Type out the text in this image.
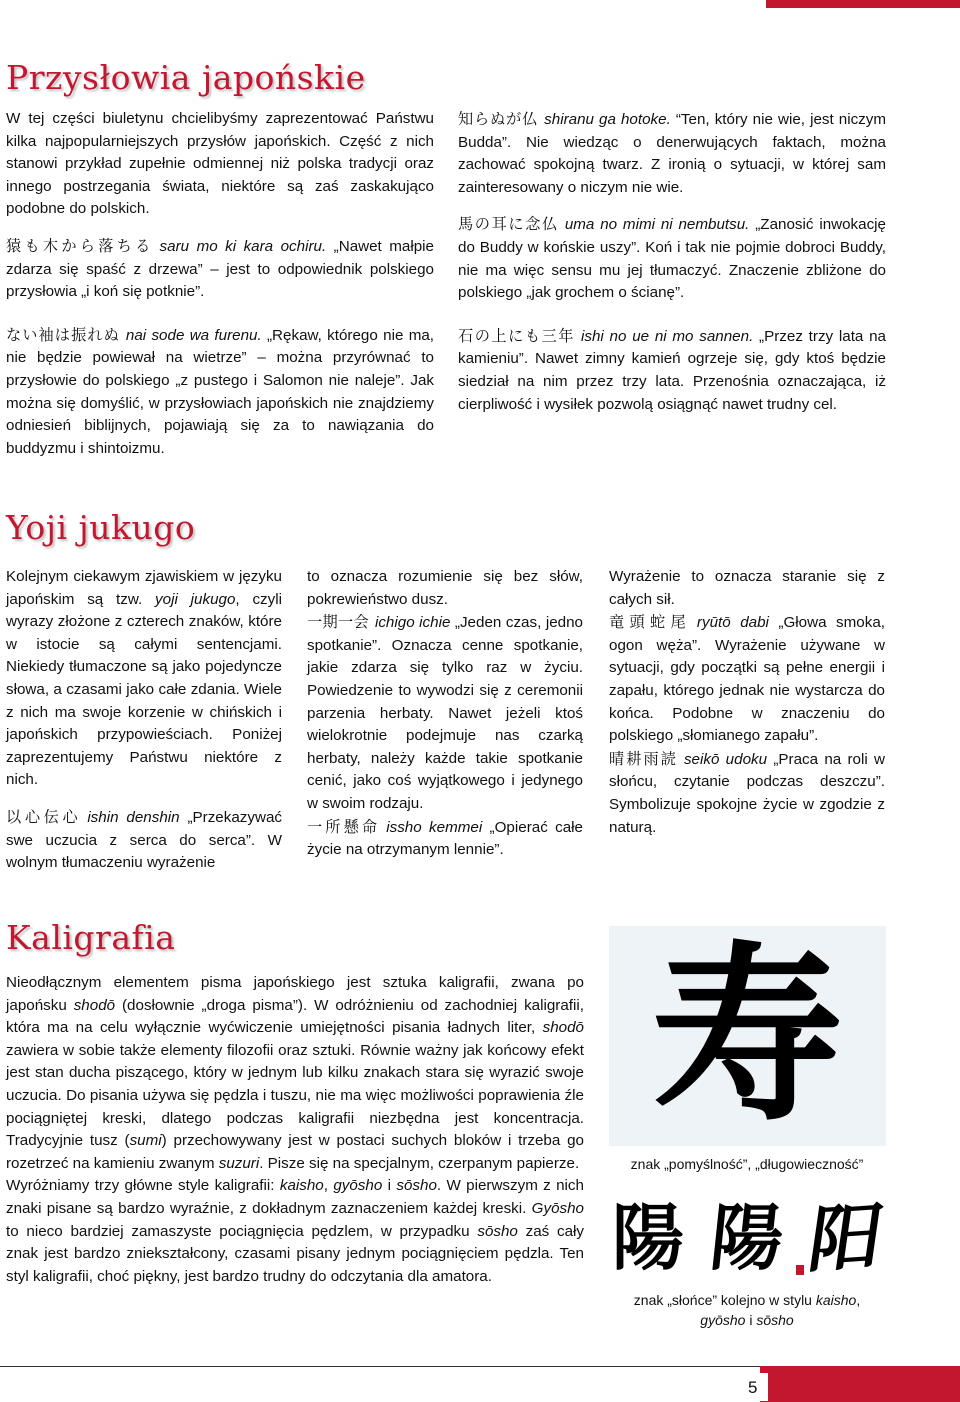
Przysłowia japońskie

W tej części biuletynu chcielibyśmy zaprezentować Państwu kilka najpopularniejszych przysłów japońskich. Część z nich stanowi przykład zupełnie odmiennej niż polska tradycji oraz innego postrzegania świata, niektóre są zaś zaskakująco podobne do polskich.

猿も木から落ちる saru mo ki kara ochiru. „Nawet małpie zdarza się spaść z drzewa” – jest to odpowiednik polskiego przysłowia „i koń się potknie”.

ない袖は振れぬ nai sode wa furenu. „Rękaw, którego nie ma, nie będzie powiewał na wietrze” – można przyrównać to przysłowie do polskiego „z pustego i Salomon nie naleje”. Jak można się domyślić, w przysłowiach japońskich nie znajdziemy odniesień biblijnych, pojawiają się za to nawiązania do buddyzmu i shintoizmu.

知らぬが仏 shiranu ga hotoke. “Ten, który nie wie, jest niczym Budda”. Nie wiedząc o denerwujących faktach, można zachować spokojną twarz. Z ironią o sytuacji, w której sam zainteresowany o niczym nie wie.

馬の耳に念仏 uma no mimi ni nembutsu. „Zanosić inwokację do Buddy w końskie uszy”. Koń i tak nie pojmie dobroci Buddy, nie ma więc sensu mu jej tłumaczyć. Znaczenie zbliżone do polskiego „jak grochem o ścianę”.

石の上にも三年 ishi no ue ni mo sannen. „Przez trzy lata na kamieniu”. Nawet zimny kamień ogrzeje się, gdy ktoś będzie siedział na nim przez trzy lata. Przenośnia oznaczająca, iż cierpliwość i wysiłek pozwolą osiągnąć nawet trudny cel.

Yoji jukugo

Kolejnym ciekawym zjawiskiem w języku japońskim są tzw. yoji jukugo, czyli wyrazy złożone z czterech znaków, które w istocie są całymi sentencjami. Niekiedy tłumaczone są jako pojedyncze słowa, a czasami jako całe zdania. Wiele z nich ma swoje korzenie w chińskich i japońskich przypowieściach. Poniżej zaprezentujemy Państwu niektóre z nich.

以心伝心 ishin denshin „Przekazywać swe uczucia z serca do serca”. W wolnym tłumaczeniu wyrażenie

to oznacza rozumienie się bez słów, pokrewieństwo dusz.

一期一会 ichigo ichie „Jeden czas, jedno spotkanie”. Oznacza cenne spotkanie, jakie zdarza się tylko raz w życiu. Powiedzenie to wywodzi się z ceremonii parzenia herbaty. Nawet jeżeli ktoś wielokrotnie podejmuje nas czarką herbaty, należy każde takie spotkanie cenić, jako coś wyjątkowego i jedynego w swoim rodzaju.

一所懸命 issho kemmei „Opierać całe życie na otrzymanym lennie”.

Wyrażenie to oznacza staranie się z całych sił.

竜頭蛇尾 ryūtō dabi „Głowa smoka, ogon węża”. Wyrażenie używane w sytuacji, gdy początki są pełne energii i zapału, którego jednak nie wystarcza do końca. Podobne w znaczeniu do polskiego „słomianego zapału”.

晴耕雨読 seikō udoku „Praca na roli w słońcu, czytanie podczas deszczu”. Symbolizuje spokojne życie w zgodzie z naturą.

Kaligrafia

Nieodłącznym elementem pisma japońskiego jest sztuka kaligrafii, zwana po japońsku shodō (dosłownie „droga pisma”). W odróżnieniu od zachodniej kaligrafii, która ma na celu wyłącznie wyćwiczenie umiejętności pisania ładnych liter, shodō zawiera w sobie także elementy filozofii oraz sztuki. Równie ważny jak końcowy efekt jest stan ducha piszącego, który w jednym lub kilku znakach stara się wyrazić swoje uczucia. Do pisania używa się pędzla i tuszu, nie ma więc możliwości poprawienia źle pociągniętej kreski, dlatego podczas kaligrafii niezbędna jest koncentracja. Tradycyjnie tusz (sumi) przechowywany jest w postaci suchych bloków i trzeba go rozetrzeć na kamieniu zwanym suzuri. Pisze się na specjalnym, czerpanym papierze.

Wyróżniamy trzy główne style kaligrafii: kaisho, gyōsho i sōsho. W pierwszym z nich znaki pisane są bardzo wyraźnie, z dokładnym zaznaczeniem każdej kreski. Gyōsho to nieco bardziej zamaszyste pociągnięcia pędzlem, w przypadku sōsho zaś cały znak jest bardzo zniekształcony, czasami pisany jednym pociągnięciem pędzla. Ten styl kaligrafii, choć piękny, jest bardzo trudny do odczytania dla amatora.

寿
znak „pomyślność”, „długowieczność”
陽 陽 阳
znak „słońce” kolejno w stylu kaisho,
gyōsho i sōsho
5
